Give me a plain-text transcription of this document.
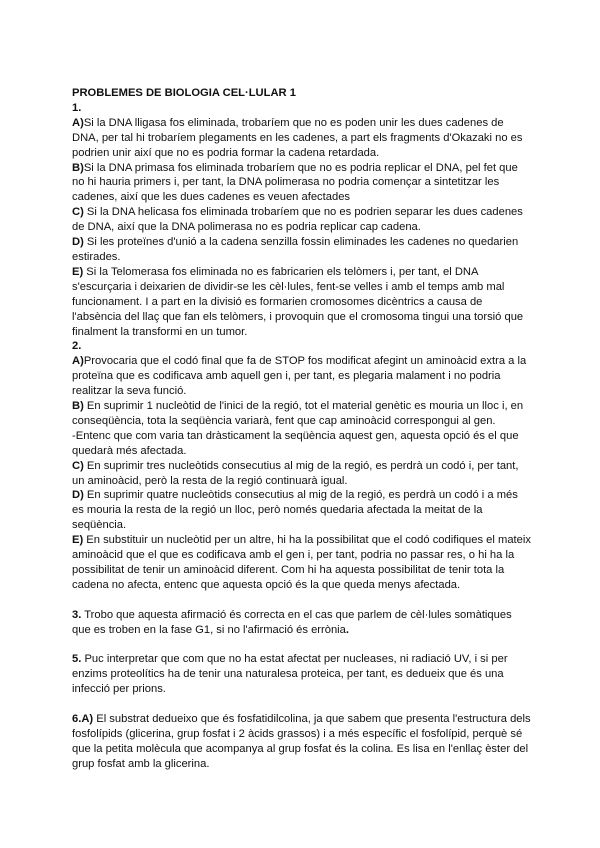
PROBLEMES DE BIOLOGIA CEL·LULAR 1

1.

A)Si la DNA lligasa fos eliminada, trobaríem que no es poden unir les dues cadenes de DNA, per tal hi trobaríem plegaments en les cadenes, a part els fragments d'Okazaki no es podrien unir així que no es podria formar la cadena retardada.

B)Si la DNA primasa fos eliminada trobaríem que no es podria replicar el DNA, pel fet que no hi hauria primers i, per tant, la DNA polimerasa no podria començar a sintetitzar les cadenes, així que les dues cadenes es veuen afectades

C) Si la DNA helicasa fos eliminada trobaríem que no es podrien separar les dues cadenes de DNA, així que la DNA polimerasa no es podria replicar cap cadena.

D) Si les proteïnes d'unió a la cadena senzilla fossin eliminades les cadenes no quedarien estirades.

E) Si la Telomerasa fos eliminada no es fabricarien els telòmers i, per tant, el DNA s'escurçaria i deixarien de dividir-se les cèl·lules, fent-se velles i amb el temps amb mal funcionament. I a part en la divisió es formarien cromosomes dicèntrics a causa de l'absència del llaç que fan els telòmers, i provoquin que el cromosoma tingui una torsió que finalment la transformi en un tumor.

2.

A)Provocaria que el codó final que fa de STOP fos modificat afegint un aminoàcid extra a la proteïna que es codificava amb aquell gen i, per tant, es plegaria malament i no podria realitzar la seva funció.

B) En suprimir 1 nucleòtid de l'inici de la regió, tot el material genètic es mouria un lloc i, en conseqüència, tota la seqüència variarà, fent que cap aminoàcid correspongui al gen.

-Entenc que com varia tan dràsticament la seqüència aquest gen, aquesta opció és el que quedarà més afectada.

C) En suprimir tres nucleòtids consecutius al mig de la regió, es perdrà un codó i, per tant, un aminoàcid, però la resta de la regió continuarà igual.

D) En suprimir quatre nucleòtids consecutius al mig de la regió, es perdrà un codó i a més es mouria la resta de la regió un lloc, però només quedaria afectada la meitat de la seqüència.

E) En substituir un nucleòtid per un altre, hi ha la possibilitat que el codó codifiques el mateix aminoàcid que el que es codificava amb el gen i, per tant, podria no passar res, o hi ha la possibilitat de tenir un aminoàcid diferent. Com hi ha aquesta possibilitat de tenir tota la cadena no afecta, entenc que aquesta opció és la que queda menys afectada.

3. Trobo que aquesta afirmació és correcta en el cas que parlem de cèl·lules somàtiques que es troben en la fase G1, si no l'afirmació és errònia.

5. Puc interpretar que com que no ha estat afectat per nucleases, ni radiació UV, i si per enzims proteolítics ha de tenir una naturalesa proteica, per tant, es dedueix que és una infecció per prions.

6.A) El substrat dedueixo que és fosfatidilcolina, ja que sabem que presenta l'estructura dels fosfolípids (glicerina, grup fosfat i 2 àcids grassos) i a més específic el fosfolípid, perquè sé que la petita molècula que acompanya al grup fosfat és la colina. Es lisa en l'enllaç èster del grup fosfat amb la glicerina.
